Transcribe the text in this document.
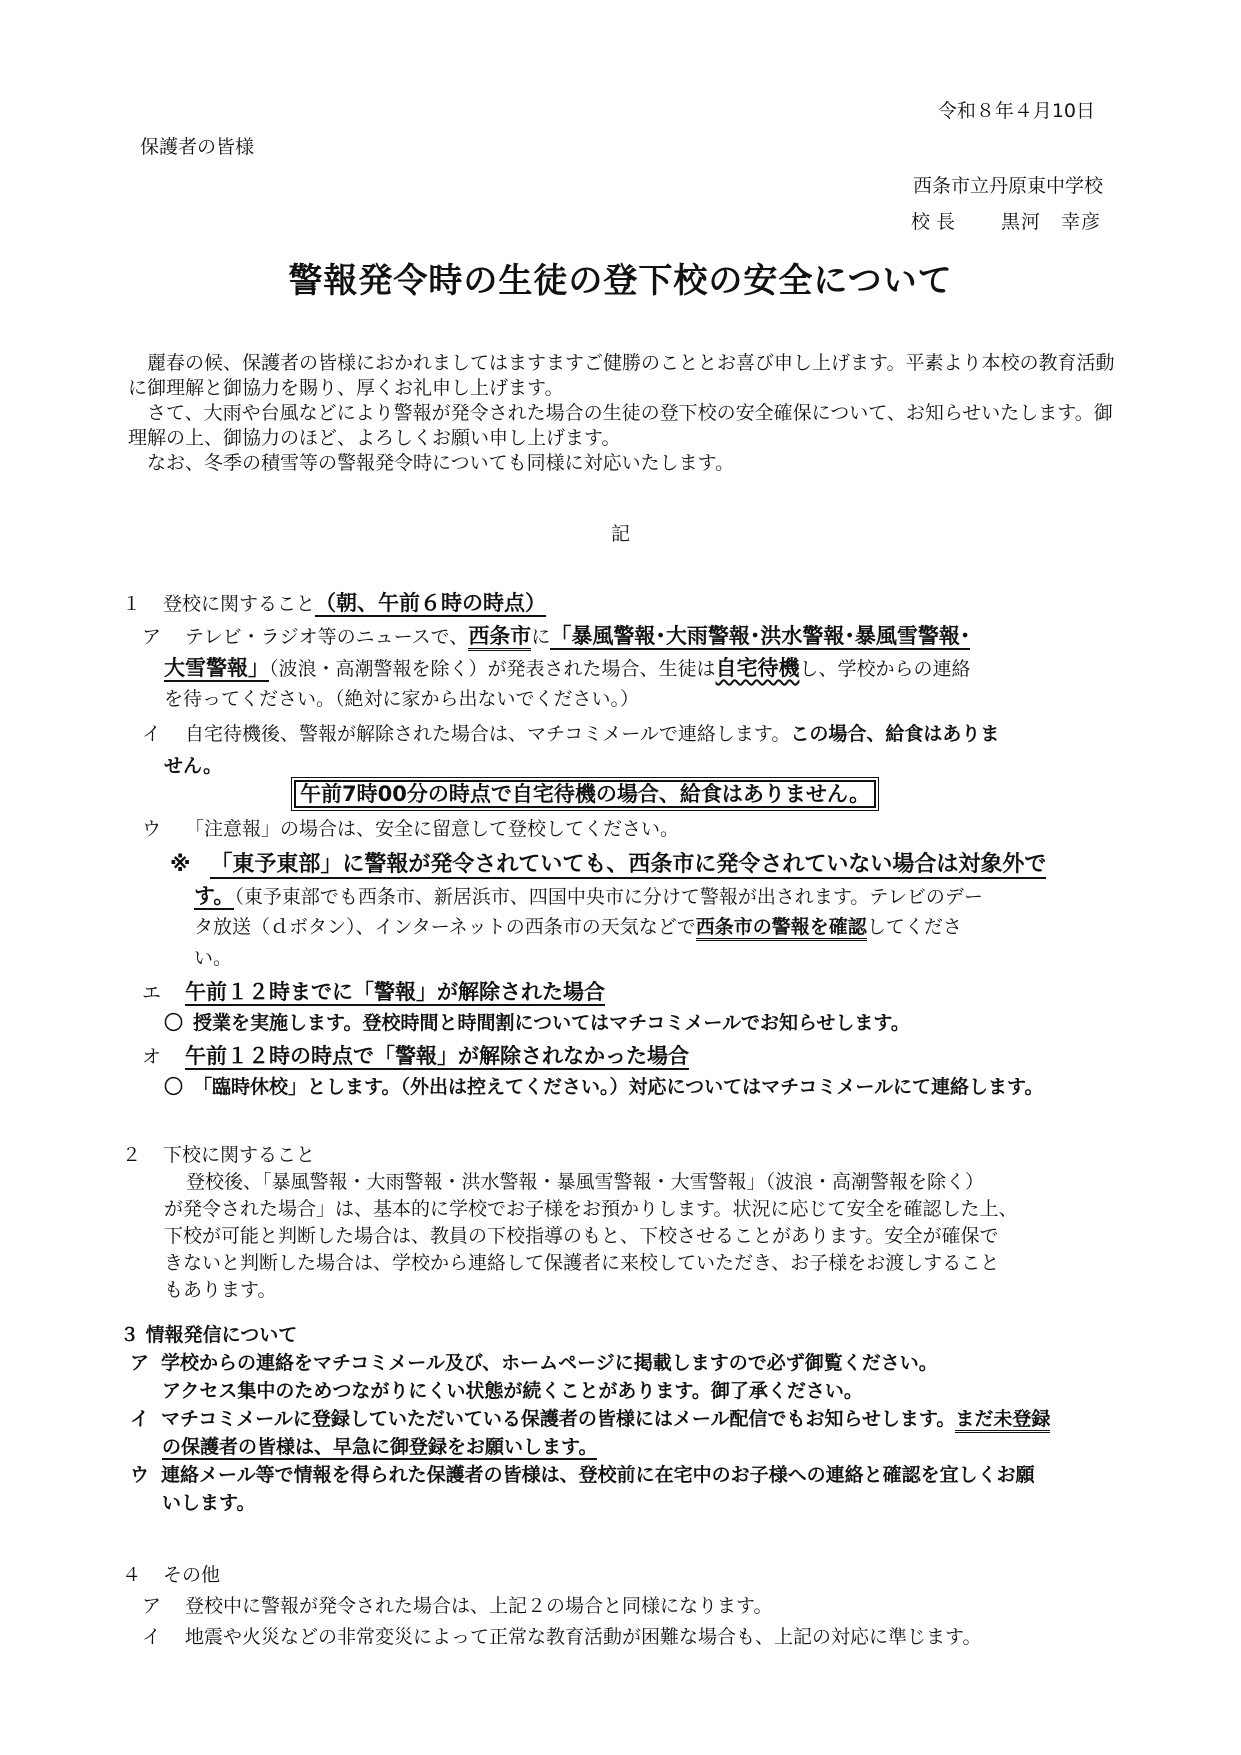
令和８年４月10日
保護者の皆様
西条市立丹原東中学校
校 長 黒河　幸彦
警報発令時の生徒の登下校の安全について

麗春の候、保護者の皆様におかれましてはますますご健勝のこととお喜び申し上げます。平素より本校の教育活動に御理解と御協力を賜り、厚くお礼申し上げます。

さて、大雨や台風などにより警報が発令された場合の生徒の登下校の安全確保について、お知らせいたします。御理解の上、御協力のほど、よろしくお願い申し上げます。

なお、冬季の積雪等の警報発令時についても同様に対応いたします。

記
１ 登校に関すること（朝、午前６時の時点）
ア テレビ・ラジオ等のニュースで、西条市に「暴風警報･大雨警報･洪水警報･暴風雪警報･
大雪警報」（波浪・高潮警報を除く）が発表された場合、生徒は自宅待機し、学校からの連絡
を待ってください。（絶対に家から出ないでください。）
イ 自宅待機後、警報が解除された場合は、マチコミメールで連絡します。この場合、給食はありま
せん。
午前7時00分の時点で自宅待機の場合、給食はありません。
ウ 「注意報」の場合は、安全に留意して登校してください。
※ 「東予東部」に警報が発令されていても、西条市に発令されていない場合は対象外で
す。（東予東部でも西条市、新居浜市、四国中央市に分けて警報が出されます。テレビのデー
タ放送（ｄボタン）、インターネットの西条市の天気などで西条市の警報を確認してくださ
い。
エ 午前１２時までに「警報」が解除された場合
〇 授業を実施します。登校時間と時間割についてはマチコミメールでお知らせします。
オ 午前１２時の時点で「警報」が解除されなかった場合
〇 「臨時休校」とします。（外出は控えてください。）対応についてはマチコミメールにて連絡します。
２ 下校に関すること
登校後、「暴風警報・大雨警報・洪水警報・暴風雪警報・大雪警報」（波浪・高潮警報を除く）
が発令された場合」は、基本的に学校でお子様をお預かりします。状況に応じて安全を確認した上、
下校が可能と判断した場合は、教員の下校指導のもと、下校させることがあります。安全が確保で
きないと判断した場合は、学校から連絡して保護者に来校していただき、お子様をお渡しすること
もあります。
３ 情報発信について
ア 学校からの連絡をマチコミメール及び、ホームページに掲載しますので必ず御覧ください。
アクセス集中のためつながりにくい状態が続くことがあります。御了承ください。
イ マチコミメールに登録していただいている保護者の皆様にはメール配信でもお知らせします。まだ未登録
の保護者の皆様は、早急に御登録をお願いします。
ウ 連絡メール等で情報を得られた保護者の皆様は、登校前に在宅中のお子様への連絡と確認を宜しくお願
いします。
４ その他
ア 登校中に警報が発令された場合は、上記２の場合と同様になります。
イ 地震や火災などの非常変災によって正常な教育活動が困難な場合も、上記の対応に準じます。
